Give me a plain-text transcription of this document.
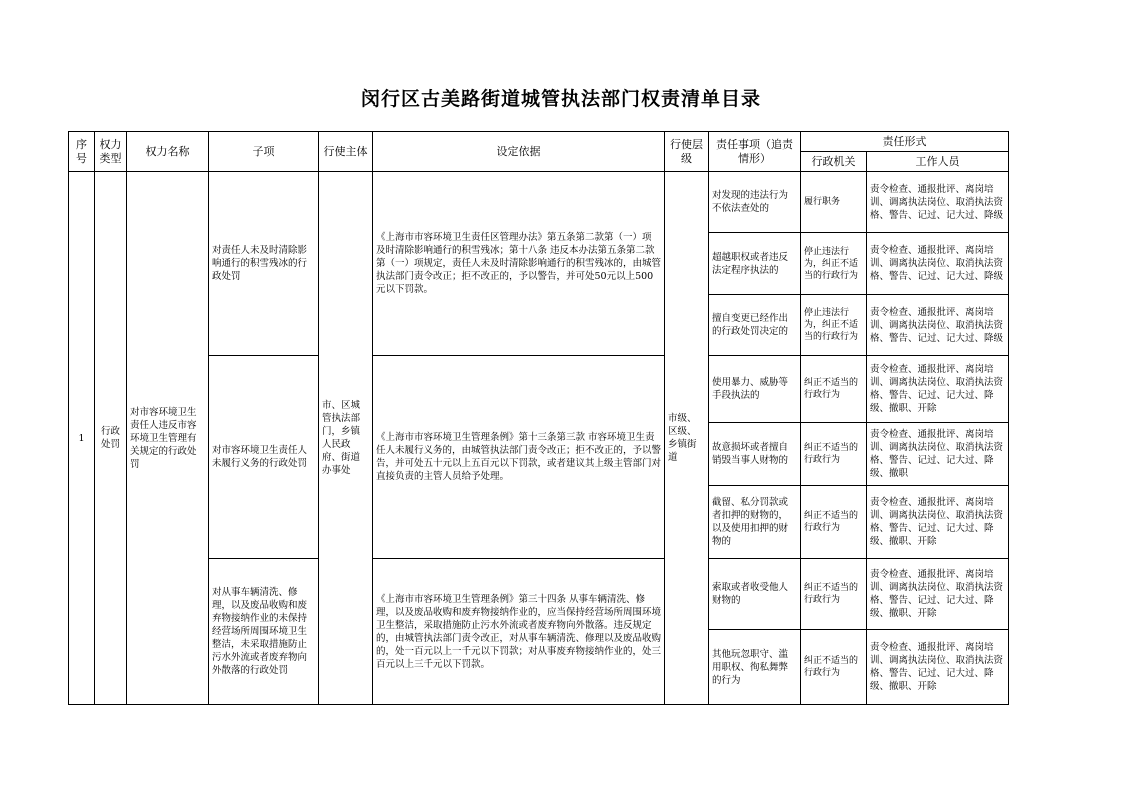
闵行区古美路街道城管执法部门权责清单目录
序号	权力类型	权力名称	子项	行使主体	设定依据	行使层级	责任事项（追责情形）	责任形式	
								行政机关	工作人员
1	行政处罚	对市容环境卫生责任人违反市容环境卫生管理有关规定的行政处罚	对责任人未及时清除影响通行的积雪残冰的行政处罚	市、区城管执法部门，乡镇人民政府、街道办事处	《上海市市容环境卫生责任区管理办法》第五条第二款第（一）项 及时清除影响通行的积雪残冰；第十八条 违反本办法第五条第二款第（一）项规定，责任人未及时清除影响通行的积雪残冰的，由城管执法部门责令改正；拒不改正的，予以警告，并可处50元以上500元以下罚款。	市级、区级、乡镇街道	对发现的违法行为不依法查处的	履行职务	责令检查、通报批评、离岗培训、调离执法岗位、取消执法资格、警告、记过、记大过、降级
							超越职权或者违反法定程序执法的	停止违法行为，纠正不适当的行政行为	责令检查、通报批评、离岗培训、调离执法岗位、取消执法资格、警告、记过、记大过、降级
							擅自变更已经作出的行政处罚决定的	停止违法行为，纠正不适当的行政行为	责令检查、通报批评、离岗培训、调离执法岗位、取消执法资格、警告、记过、记大过、降级
			对市容环境卫生责任人未履行义务的行政处罚		《上海市市容环境卫生管理条例》第十三条第三款 市容环境卫生责任人未履行义务的，由城管执法部门责令改正；拒不改正的，予以警告，并可处五十元以上五百元以下罚款，或者建议其上级主管部门对直接负责的主管人员给予处理。		使用暴力、威胁等手段执法的	纠正不适当的行政行为	责令检查、通报批评、离岗培训、调离执法岗位、取消执法资格、警告、记过、记大过、降级、撤职、开除
							故意损坏或者擅自销毁当事人财物的	纠正不适当的行政行为	责令检查、通报批评、离岗培训、调离执法岗位、取消执法资格、警告、记过、记大过、降级、撤职
							截留、私分罚款或者扣押的财物的，以及使用扣押的财物的	纠正不适当的行政行为	责令检查、通报批评、离岗培训、调离执法岗位、取消执法资格、警告、记过、记大过、降级、撤职、开除
			对从事车辆清洗、修理，以及废品收购和废弃物接纳作业的未保持经营场所周围环境卫生整洁，未采取措施防止污水外流或者废弃物向外散落的行政处罚		《上海市市容环境卫生管理条例》第三十四条 从事车辆清洗、修理，以及废品收购和废弃物接纳作业的，应当保持经营场所周围环境卫生整洁，采取措施防止污水外流或者废弃物向外散落。违反规定的，由城管执法部门责令改正，对从事车辆清洗、修理以及废品收购的，处一百元以上一千元以下罚款；对从事废弃物接纳作业的，处三百元以上三千元以下罚款。		索取或者收受他人财物的	纠正不适当的行政行为	责令检查、通报批评、离岗培训、调离执法岗位、取消执法资格、警告、记过、记大过、降级、撤职、开除
							其他玩忽职守、滥用职权、徇私舞弊的行为	纠正不适当的行政行为	责令检查、通报批评、离岗培训、调离执法岗位、取消执法资格、警告、记过、记大过、降级、撤职、开除
